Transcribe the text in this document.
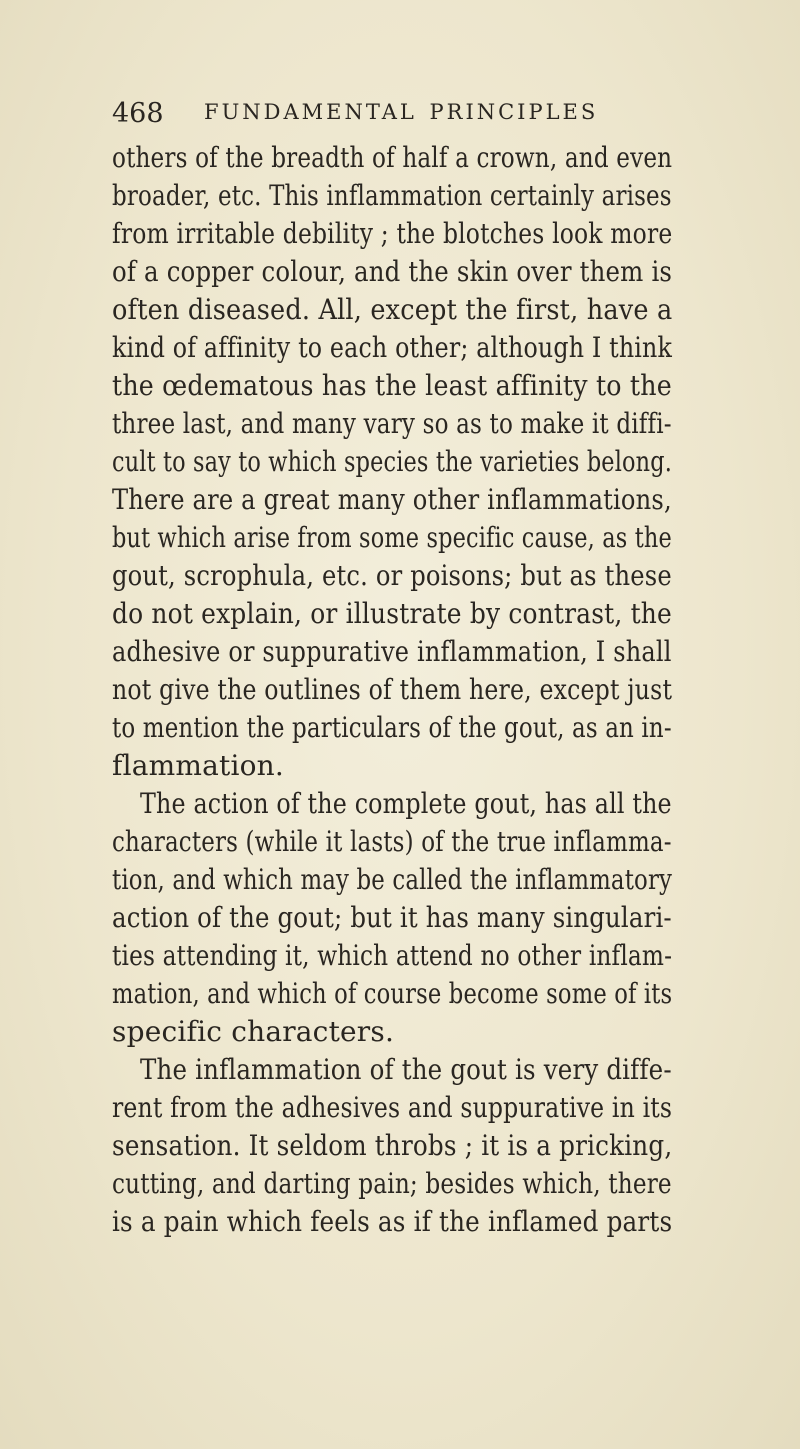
468 FUNDAMENTAL PRINCIPLES
others of the breadth of half a crown, and even
broader, etc. This inflammation certainly arises
from irritable debility ; the blotches look more
of a copper colour, and the skin over them is
often diseased. All, except the first, have a
kind of affinity to each other; although I think
the œdematous has the least affinity to the
three last, and many vary so as to make it diffi-
cult to say to which species the varieties belong.
There are a great many other inflammations,
but which arise from some specific cause, as the
gout, scrophula, etc. or poisons; but as these
do not explain, or illustrate by contrast, the
adhesive or suppurative inflammation, I shall
not give the outlines of them here, except just
to mention the particulars of the gout, as an in-
flammation.
The action of the complete gout, has all the
characters (while it lasts) of the true inflamma-
tion, and which may be called the inflammatory
action of the gout; but it has many singulari-
ties attending it, which attend no other inflam-
mation, and which of course become some of its
specific characters.
The inflammation of the gout is very diffe-
rent from the adhesives and suppurative in its
sensation. It seldom throbs ; it is a pricking,
cutting, and darting pain; besides which, there
is a pain which feels as if the inflamed parts
